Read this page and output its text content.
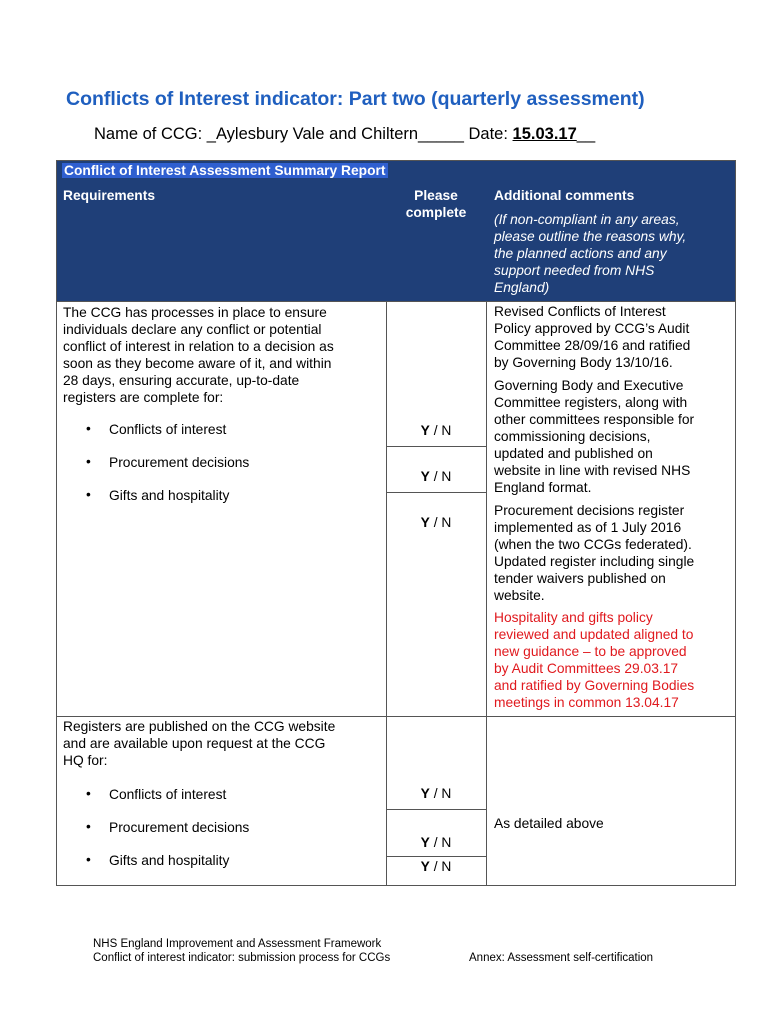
Conflicts of Interest indicator: Part two (quarterly assessment)
Name of CCG: _Aylesbury Vale and Chiltern_____ Date: 15.03.17__
Conflict of Interest Assessment Summary Report
Requirements	Please
complete
Additional comments
(If non-compliant in any areas,
please outline the reasons why,
the planned actions and any
support needed from NHS
England)
The CCG has processes in place to ensure
individuals declare any conflict or potential
conflict of interest in relation to a decision as
soon as they become aware of it, and within
28 days, ensuring accurate, up-to-date
registers are complete for:
• Conflicts of interest
• Procurement decisions
• Gifts and hospitality
Y / N
Y / N
Y / N
Revised Conflicts of Interest
Policy approved by CCG’s Audit
Committee 28/09/16 and ratified
by Governing Body 13/10/16.
Governing Body and Executive
Committee registers, along with
other committees responsible for
commissioning decisions,
updated and published on
website in line with revised NHS
England format.
Procurement decisions register
implemented as of 1 July 2016
(when the two CCGs federated).
Updated register including single
tender waivers published on
website.
Hospitality and gifts policy
reviewed and updated aligned to
new guidance – to be approved
by Audit Committees 29.03.17
and ratified by Governing Bodies
meetings in common 13.04.17
Registers are published on the CCG website
and are available upon request at the CCG
HQ for:
• Conflicts of interest
• Procurement decisions
• Gifts and hospitality
Y / N
Y / N
Y / N
As detailed above
NHS England Improvement and Assessment Framework
Conflict of interest indicator: submission process for CCGs	Annex: Assessment self-certification
